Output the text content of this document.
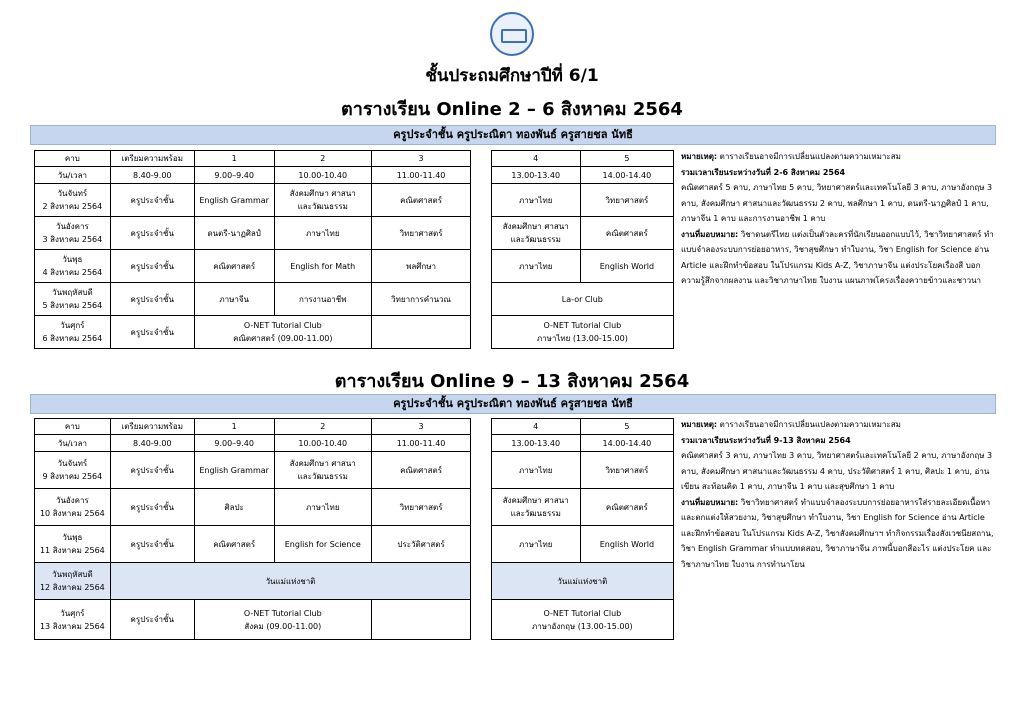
ชั้นประถมศึกษาปีที่ 6/1
ตารางเรียน Online 2 – 6 สิงหาคม 2564
ครูประจำชั้น ครูประณิตา ทองพันธ์ ครูสายชล นัทธี
คาบ	เตรียมความพร้อม	1	2	3		4	5
วัน/เวลา	8.40-9.00	9.00–9.40	10.00-10.40	11.00-11.40		13.00-13.40	14.00-14.40
วันจันทร์
2 สิงหาคม 2564	ครูประจำชั้น	English Grammar	สังคมศึกษา ศาสนา
และวัฒนธรรม	คณิตศาสตร์		ภาษาไทย	วิทยาศาสตร์
วันอังคาร
3 สิงหาคม 2564	ครูประจำชั้น	ดนตรี-นาฏศิลป์	ภาษาไทย	วิทยาศาสตร์		สังคมศึกษา ศาสนา
และวัฒนธรรม	คณิตศาสตร์
วันพุธ
4 สิงหาคม 2564	ครูประจำชั้น	คณิตศาสตร์	English for Math	พลศึกษา		ภาษาไทย	English World
วันพฤหัสบดี
5 สิงหาคม 2564	ครูประจำชั้น	ภาษาจีน	การงานอาชีพ	วิทยาการคำนวณ		La-or Club	
วันศุกร์
6 สิงหาคม 2564	ครูประจำชั้น	O-NET Tutorial Club
คณิตศาสตร์ (09.00-11.00)				O-NET Tutorial Club
ภาษาไทย (13.00-15.00)	

หมายเหตุ: ตารางเรียนอาจมีการเปลี่ยนแปลงตามความเหมาะสม

รวมเวลาเรียนระหว่างวันที่ 2-6 สิงหาคม 2564

คณิตศาสตร์ 5 คาบ, ภาษาไทย 5 คาบ, วิทยาศาสตร์และเทคโนโลยี 3 คาบ, ภาษาอังกฤษ 3 คาบ, สังคมศึกษา ศาสนาและวัฒนธรรม 2 คาบ, พลศึกษา 1 คาบ, ดนตรี-นาฏศิลป์ 1 คาบ, ภาษาจีน 1 คาบ และการงานอาชีพ 1 คาบ

งานที่มอบหมาย: วิชาดนตรีไทย แต่งเป็นตัวละครที่นักเรียนออกแบบไว้, วิชาวิทยาศาสตร์ ทำแบบจำลองระบบการย่อยอาหาร, วิชาสุขศึกษา ทำใบงาน, วิชา English for Science อ่าน Article และฝึกทำข้อสอบ ในโปรแกรม Kids A-Z, วิชาภาษาจีน แต่งประโยคเรื่องสี บอกความรู้สึกจากผลงาน และวิชาภาษาไทย ใบงาน แผนภาพโครงเรื่องควายข้าวและชาวนา

ตารางเรียน Online 9 – 13 สิงหาคม 2564
ครูประจำชั้น ครูประณิตา ทองพันธ์ ครูสายชล นัทธี
คาบ	เตรียมความพร้อม	1	2	3		4	5
วัน/เวลา	8.40-9.00	9.00–9.40	10.00-10.40	11.00-11.40		13.00-13.40	14.00-14.40
วันจันทร์
9 สิงหาคม 2564	ครูประจำชั้น	English Grammar	สังคมศึกษา ศาสนา
และวัฒนธรรม	คณิตศาสตร์		ภาษาไทย	วิทยาศาสตร์
วันอังคาร
10 สิงหาคม 2564	ครูประจำชั้น	ศิลปะ	ภาษาไทย	วิทยาศาสตร์		สังคมศึกษา ศาสนา
และวัฒนธรรม	คณิตศาสตร์
วันพุธ
11 สิงหาคม 2564	ครูประจำชั้น	คณิตศาสตร์	English for Science	ประวัติศาสตร์		ภาษาไทย	English World
วันพฤหัสบดี
12 สิงหาคม 2564	วันแม่แห่งชาติ					วันแม่แห่งชาติ	
วันศุกร์
13 สิงหาคม 2564	ครูประจำชั้น	O-NET Tutorial Club
สังคม (09.00-11.00)				O-NET Tutorial Club
ภาษาอังกฤษ (13.00-15.00)	

หมายเหตุ: ตารางเรียนอาจมีการเปลี่ยนแปลงตามความเหมาะสม

รวมเวลาเรียนระหว่างวันที่ 9-13 สิงหาคม 2564

คณิตศาสตร์ 3 คาบ, ภาษาไทย 3 คาบ, วิทยาศาสตร์และเทคโนโลยี 2 คาบ, ภาษาอังกฤษ 3 คาบ, สังคมศึกษา ศาสนาและวัฒนธรรม 4 คาบ, ประวัติศาสตร์ 1 คาบ, ศิลปะ 1 คาบ, อ่าน เขียน สะท้อนคิด 1 คาบ, ภาษาจีน 1 คาบ และสุขศึกษา 1 คาบ

งานที่มอบหมาย: วิชาวิทยาศาสตร์ ทำแบบจำลองระบบการย่อยอาหารใส่รายละเอียดเนื้อหาและตกแต่งให้สวยงาม, วิชาสุขศึกษา ทำใบงาน, วิชา English for Science อ่าน Article และฝึกทำข้อสอบ ในโปรแกรม Kids A-Z, วิชาสังคมศึกษาฯ ทำกิจกรรมเรื่องสังเวชนียสถาน, วิชา English Grammar ทำแบบทดสอบ, วิชาภาษาจีน ภาพนี้บอกสีอะไร แต่งประโยค และวิชาภาษาไทย ใบงาน การทำนาโยน
